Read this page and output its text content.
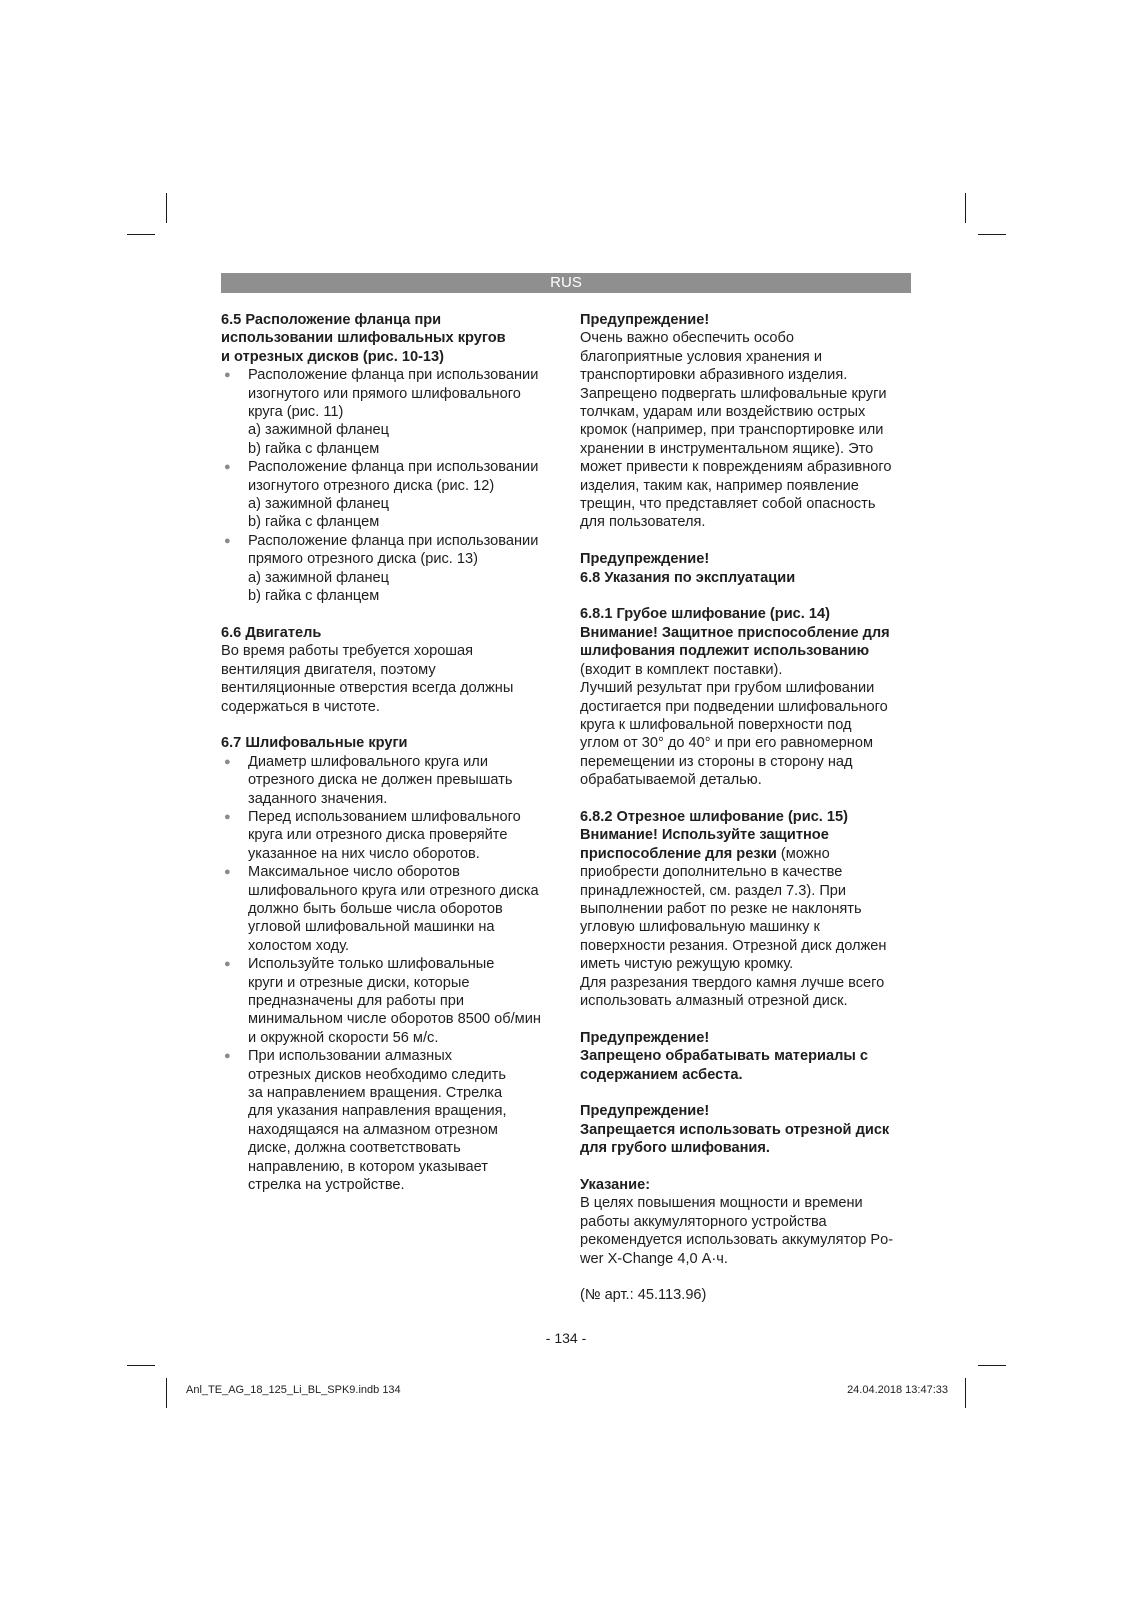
RUS

6.5 Расположение фланца при

использовании шлифовальных кругов

и отрезных дисков (рис. 10-13)

● Расположение фланца при использовании

изогнутого или прямого шлифовального

круга (рис. 11)

a) зажимной фланец

b) гайка с фланцем

● Расположение фланца при использовании

изогнутого отрезного диска (рис. 12)

a) зажимной фланец

b) гайка с фланцем

● Расположение фланца при использовании

прямого отрезного диска (рис. 13)

a) зажимной фланец

b) гайка с фланцем

6.6 Двигатель

Во время работы требуется хорошая

вентиляция двигателя, поэтому

вентиляционные отверстия всегда должны

содержаться в чистоте.

6.7 Шлифовальные круги

● Диаметр шлифовального круга или

отрезного диска не должен превышать

заданного значения.

● Перед использованием шлифовального

круга или отрезного диска проверяйте

указанное на них число оборотов.

● Максимальное число оборотов

шлифовального круга или отрезного диска

должно быть больше числа оборотов

угловой шлифовальной машинки на

холостом ходу.

● Используйте только шлифовальные

круги и отрезные диски, которые

предназначены для работы при

минимальном числе оборотов 8500 об/мин

и окружной скорости 56 м/с.

● При использовании алмазных

отрезных дисков необходимо следить

за направлением вращения. Стрелка

для указания направления вращения,

находящаяся на алмазном отрезном

диске, должна соответствовать

направлению, в котором указывает

стрелка на устройстве.

Предупреждение!

Очень важно обеспечить особо

благоприятные условия хранения и

транспортировки абразивного изделия.

Запрещено подвергать шлифовальные круги

толчкам, ударам или воздействию острых

кромок (например, при транспортировке или

хранении в инструментальном ящике). Это

может привести к повреждениям абразивного

изделия, таким как, например появление

трещин, что представляет собой опасность

для пользователя.

Предупреждение!

6.8 Указания по эксплуатации

6.8.1 Грубое шлифование (рис. 14)

Внимание! Защитное приспособление для

шлифования подлежит использованию

(входит в комплект поставки).

Лучший результат при грубом шлифовании

достигается при подведении шлифовального

круга к шлифовальной поверхности под

углом от 30° до 40° и при его равномерном

перемещении из стороны в сторону над

обрабатываемой деталью.

6.8.2 Отрезное шлифование (рис. 15)

Внимание! Используйте защитное

приспособление для резки (можно

приобрести дополнительно в качестве

принадлежностей, см. раздел 7.3). При

выполнении работ по резке не наклонять

угловую шлифовальную машинку к

поверхности резания. Отрезной диск должен

иметь чистую режущую кромку.

Для разрезания твердого камня лучше всего

использовать алмазный отрезной диск.

Предупреждение!

Запрещено обрабатывать материалы с

содержанием асбеста.

Предупреждение!

Запрещается использовать отрезной диск

для грубого шлифования.

Указание:

В целях повышения мощности и времени

работы аккумуляторного устройства

рекомендуется использовать аккумулятор Po-

wer X-Change 4,0 А·ч.

(№ арт.: 45.113.96)

- 134 -
Anl_TE_AG_18_125_Li_BL_SPK9.indb 134	24.04.2018 13:47:33
